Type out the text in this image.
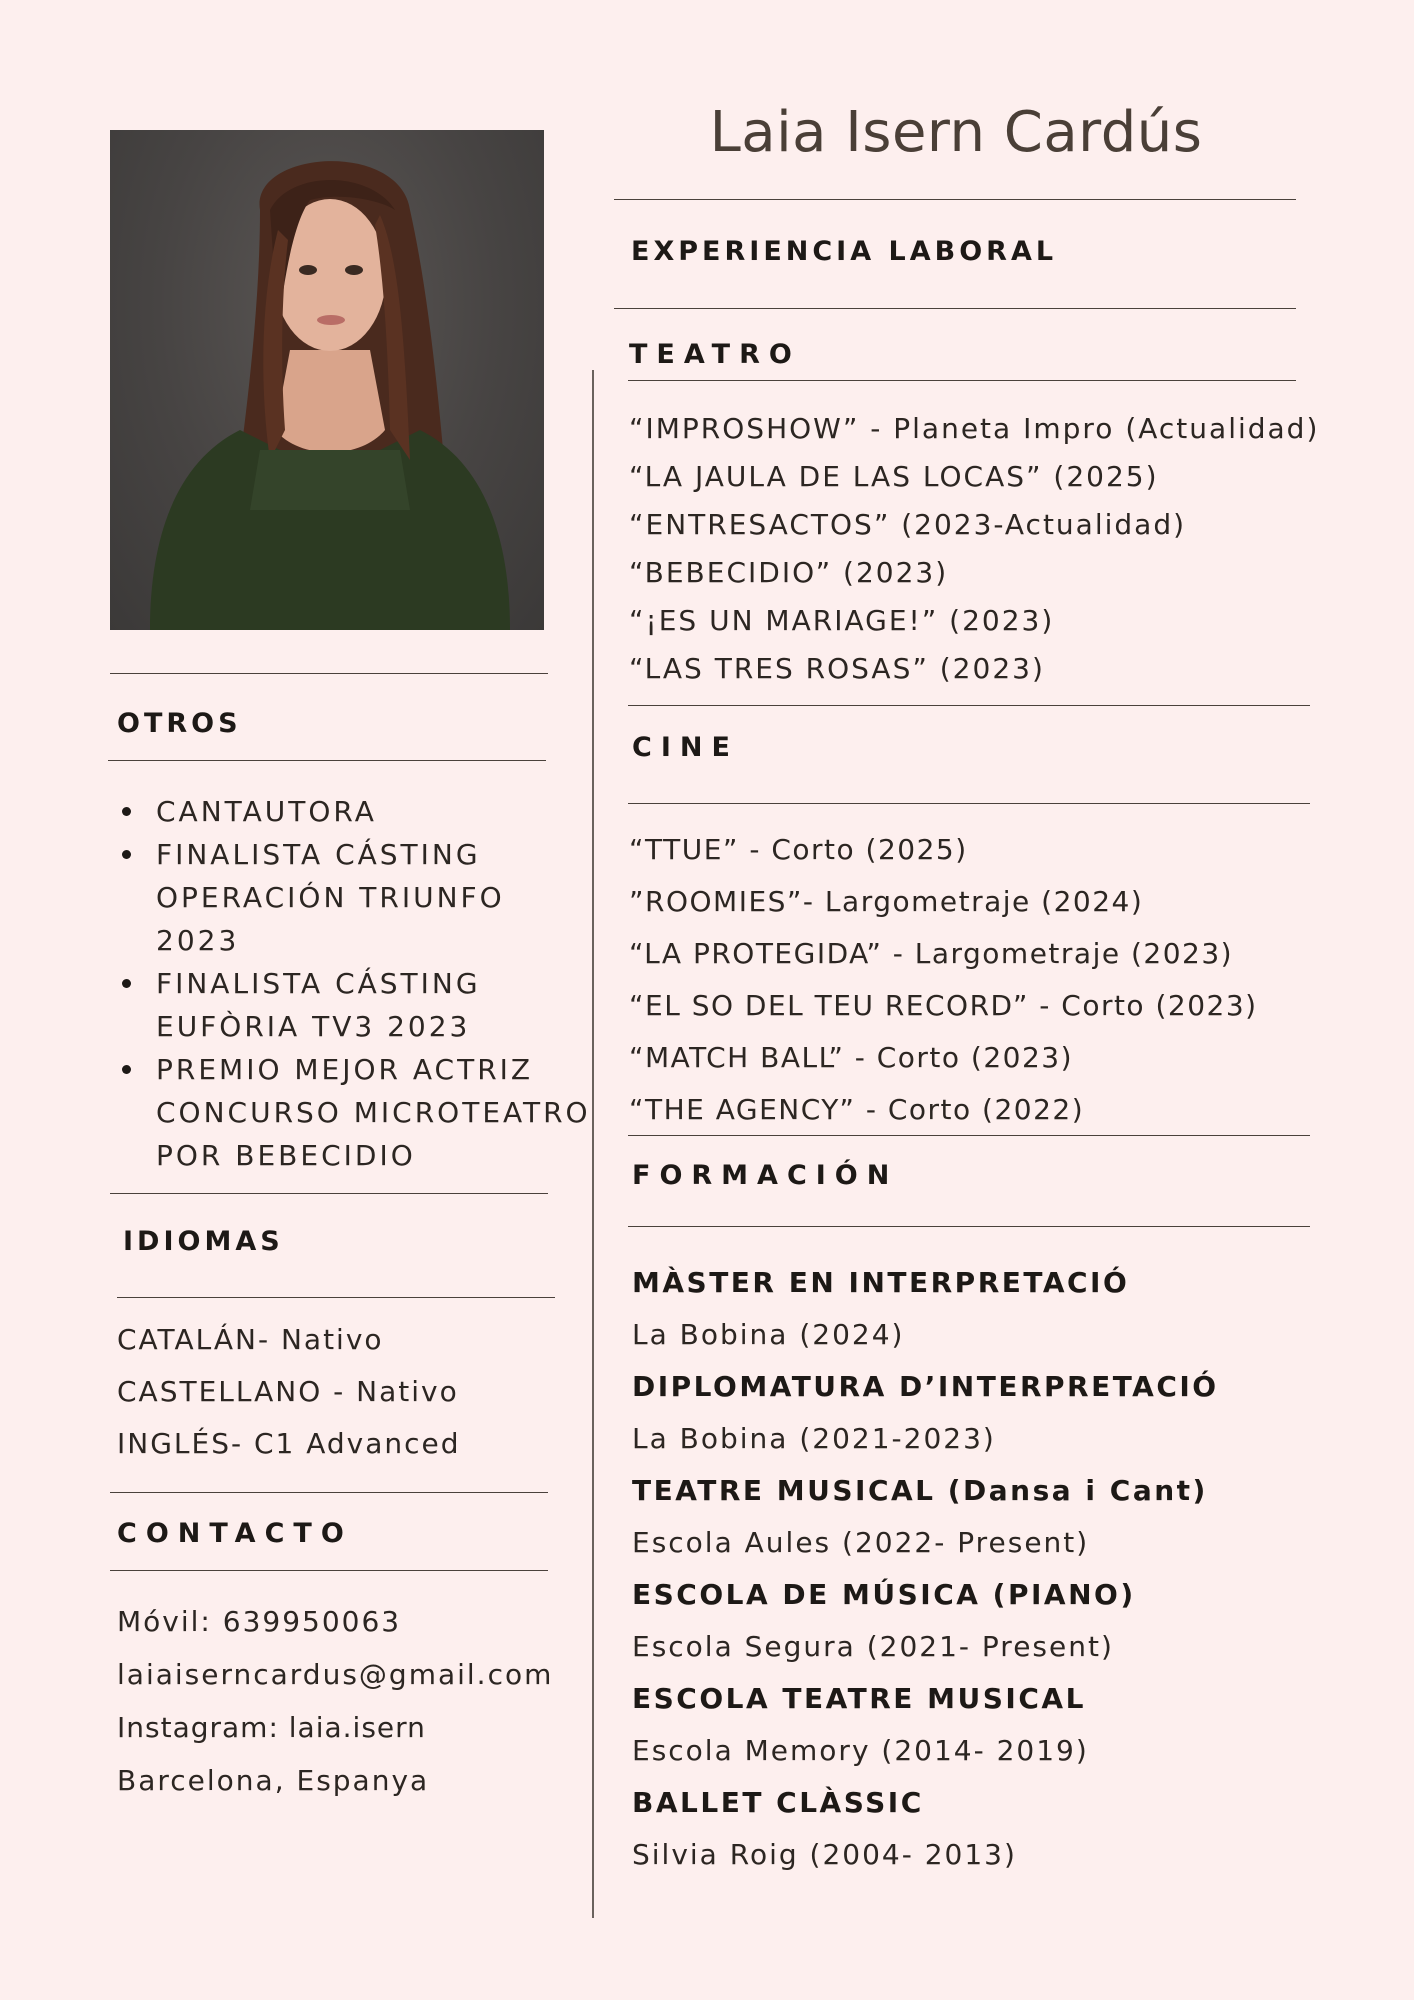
Laia Isern Cardús
EXPERIENCIA LABORAL
TEATRO
“IMPROSHOW” - Planeta Impro (Actualidad)
“LA JAULA DE LAS LOCAS” (2025)
“ENTRESACTOS” (2023-Actualidad)
“BEBECIDIO” (2023)
“¡ES UN MARIAGE!” (2023)
“LAS TRES ROSAS” (2023)
CINE
“TTUE” - Corto (2025)
”ROOMIES”- Largometraje (2024)
“LA PROTEGIDA” - Largometraje (2023)
“EL SO DEL TEU RECORD” - Corto (2023)
“MATCH BALL” - Corto (2023)
“THE AGENCY” - Corto (2022)
FORMACIÓN
MÀSTER EN INTERPRETACIÓ
La Bobina (2024)
DIPLOMATURA D’INTERPRETACIÓ
La Bobina (2021-2023)
TEATRE MUSICAL (Dansa i Cant)
Escola Aules (2022- Present)
ESCOLA DE MÚSICA (PIANO)
Escola Segura (2021- Present)
ESCOLA TEATRE MUSICAL
Escola Memory (2014- 2019)
BALLET CLÀSSIC
Silvia Roig (2004- 2013)
OTROS
CANTAUTORA
FINALISTA CÁSTING
OPERACIÓN TRIUNFO
2023
FINALISTA CÁSTING
EUFÒRIA TV3 2023
PREMIO MEJOR ACTRIZ
CONCURSO MICROTEATRO
POR BEBECIDIO
IDIOMAS
CATALÁN- Nativo
CASTELLANO - Nativo
INGLÉS- C1 Advanced
CONTACTO
Móvil: 639950063
laiaiserncardus@gmail.com
Instagram: laia.isern
Barcelona, Espanya
